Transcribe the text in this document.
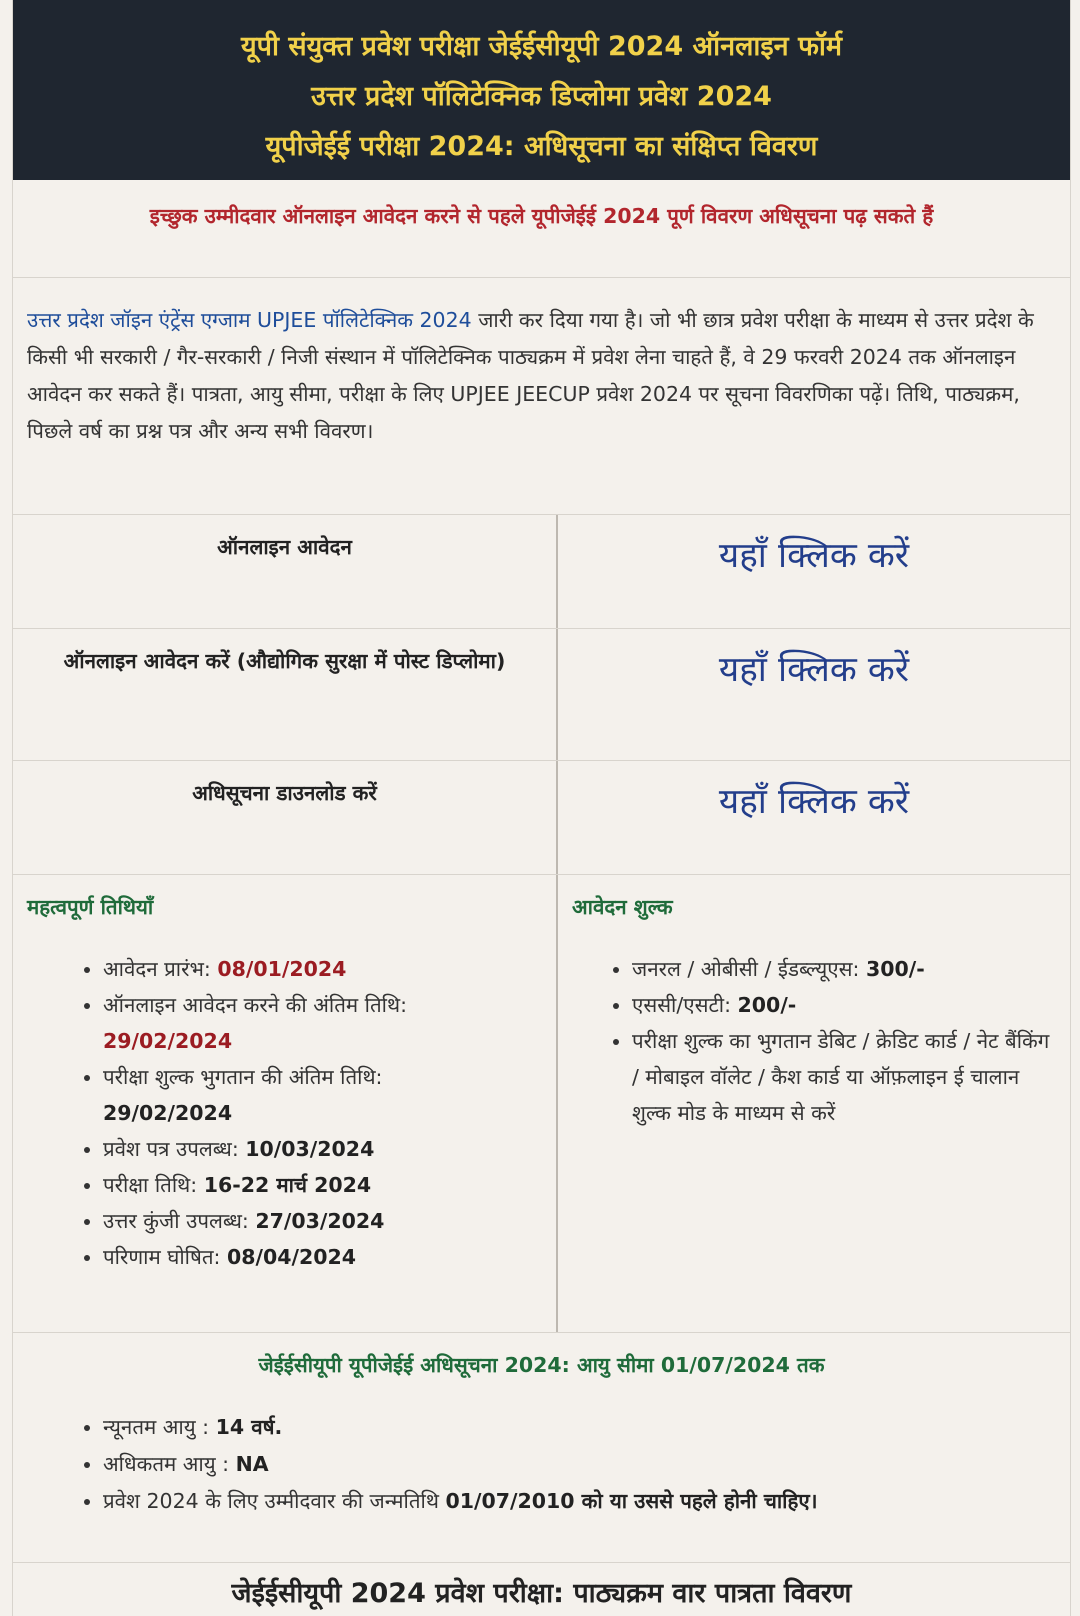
यूपी संयुक्त प्रवेश परीक्षा जेईईसीयूपी 2024 ऑनलाइन फॉर्म
उत्तर प्रदेश पॉलिटेक्निक डिप्लोमा प्रवेश 2024
यूपीजेईई परीक्षा 2024: अधिसूचना का संक्षिप्त विवरण
इच्छुक उम्मीदवार ऑनलाइन आवेदन करने से पहले यूपीजेईई 2024 पूर्ण विवरण अधिसूचना पढ़ सकते हैं
उत्तर प्रदेश जॉइन एंट्रेंस एग्जाम UPJEE पॉलिटेक्निक 2024 जारी कर दिया गया है। जो भी छात्र प्रवेश परीक्षा के माध्यम से उत्तर प्रदेश के किसी भी सरकारी / गैर-सरकारी / निजी संस्थान में पॉलिटेक्निक पाठ्यक्रम में प्रवेश लेना चाहते हैं, वे 29 फरवरी 2024 तक ऑनलाइन आवेदन कर सकते हैं। पात्रता, आयु सीमा, परीक्षा के लिए UPJEE JEECUP प्रवेश 2024 पर सूचना विवरणिका पढ़ें। तिथि, पाठ्यक्रम, पिछले वर्ष का प्रश्न पत्र और अन्य सभी विवरण।
ऑनलाइन आवेदन	यहाँ क्लिक करें
ऑनलाइन आवेदन करें (औद्योगिक सुरक्षा में पोस्ट डिप्लोमा)	यहाँ क्लिक करें
अधिसूचना डाउनलोड करें	यहाँ क्लिक करें
महत्वपूर्ण तिथियाँ
• आवेदन प्रारंभ: 08/01/2024
• ऑनलाइन आवेदन करने की अंतिम तिथि:
29/02/2024
• परीक्षा शुल्क भुगतान की अंतिम तिथि:
29/02/2024
• प्रवेश पत्र उपलब्ध: 10/03/2024
• परीक्षा तिथि: 16-22 मार्च 2024
• उत्तर कुंजी उपलब्ध: 27/03/2024
• परिणाम घोषित: 08/04/2024
आवेदन शुल्क
• जनरल / ओबीसी / ईडब्ल्यूएस: 300/-
• एससी/एसटी: 200/-
• परीक्षा शुल्क का भुगतान डेबिट / क्रेडिट कार्ड / नेट बैंकिंग / मोबाइल वॉलेट / कैश कार्ड या ऑफ़लाइन ई चालान शुल्क मोड के माध्यम से करें
जेईईसीयूपी यूपीजेईई अधिसूचना 2024: आयु सीमा 01/07/2024 तक
• न्यूनतम आयु : 14 वर्ष.
• अधिकतम आयु : NA
• प्रवेश 2024 के लिए उम्मीदवार की जन्मतिथि 01/07/2010 को या उससे पहले होनी चाहिए।
जेईईसीयूपी 2024 प्रवेश परीक्षा: पाठ्यक्रम वार पात्रता विवरण
